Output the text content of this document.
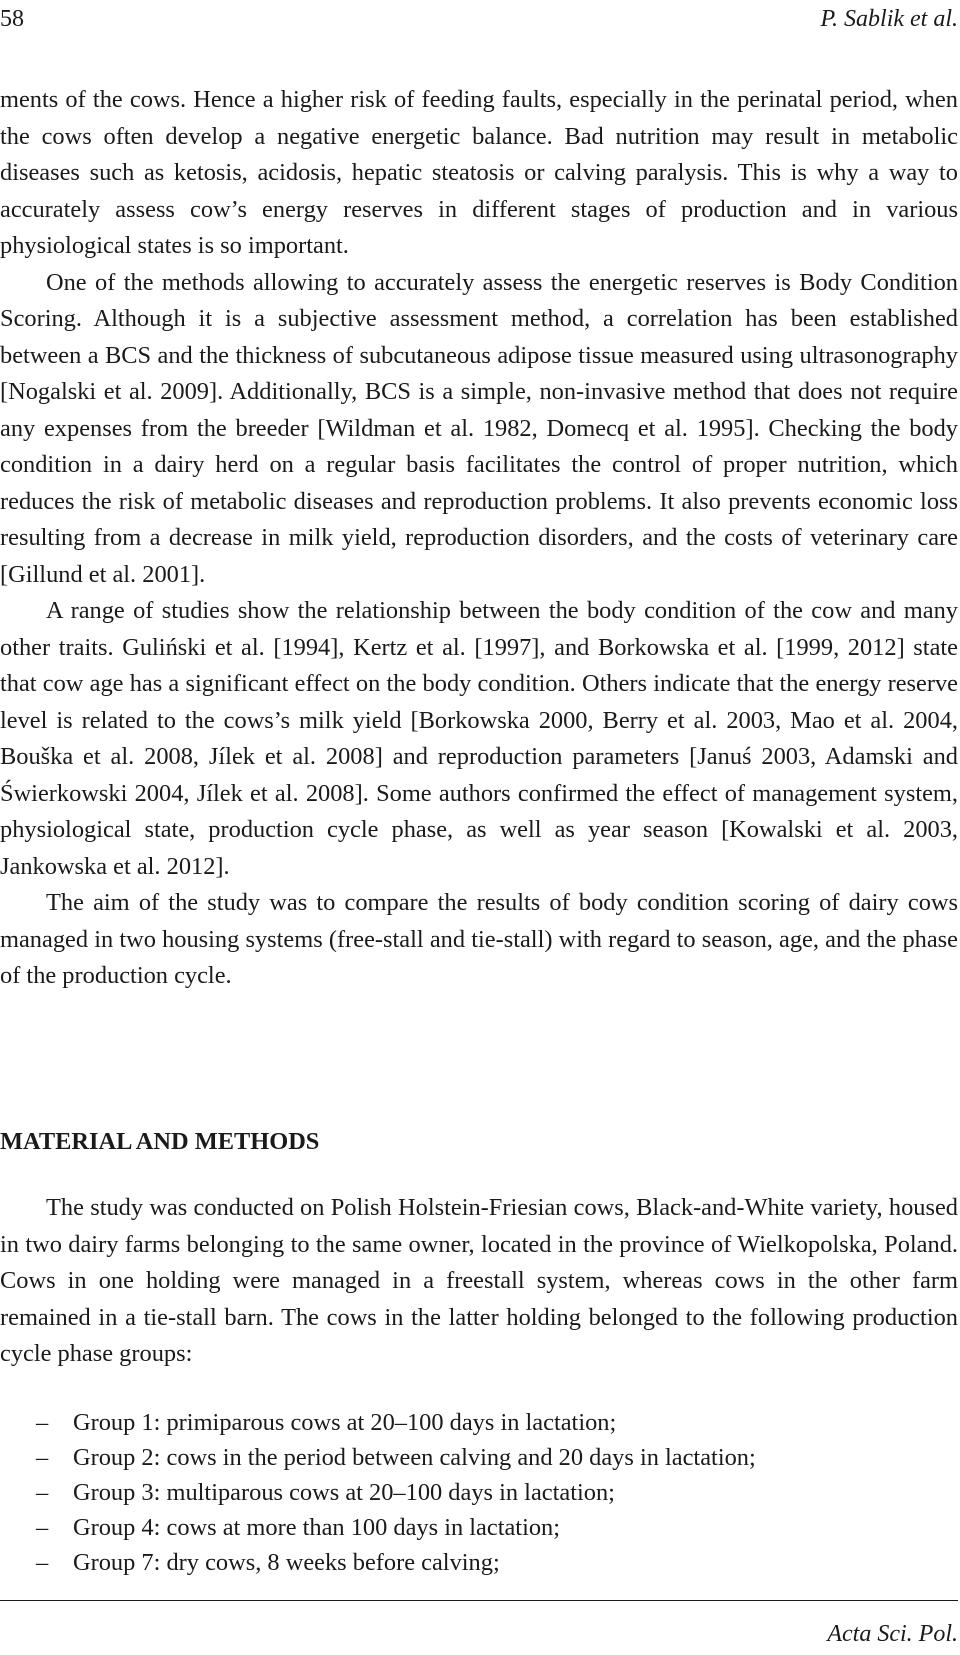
58	P. Sablik et al.

ments of the cows. Hence a higher risk of feeding faults, especially in the perinatal period, when the cows often develop a negative energetic balance. Bad nutrition may result in metabolic diseases such as ketosis, acidosis, hepatic steatosis or calving paralysis. This is why a way to accurately assess cow’s energy reserves in different stages of production and in various physiological states is so important.

One of the methods allowing to accurately assess the energetic reserves is Body Condition Scoring. Although it is a subjective assessment method, a correlation has been established between a BCS and the thickness of subcutaneous adipose tissue measured using ultrasonography [Nogalski et al. 2009]. Additionally, BCS is a simple, non-invasive method that does not require any expenses from the breeder [Wildman et al. 1982, Domecq et al. 1995]. Checking the body condition in a dairy herd on a regular basis facilitates the control of proper nutrition, which reduces the risk of metabolic diseases and reproduction problems. It also prevents economic loss resulting from a decrease in milk yield, reproduction disorders, and the costs of veterinary care [Gillund et al. 2001].

A range of studies show the relationship between the body condition of the cow and many other traits. Guliński et al. [1994], Kertz et al. [1997], and Borkowska et al. [1999, 2012] state that cow age has a significant effect on the body condition. Others indicate that the energy reserve level is related to the cows’s milk yield [Borkowska 2000, Berry et al. 2003, Mao et al. 2004, Bouška et al. 2008, Jílek et al. 2008] and reproduction parameters [Januś 2003, Adamski and Świerkowski 2004, Jílek et al. 2008]. Some authors confirmed the effect of management system, physiological state, production cycle phase, as well as year season [Kowalski et al. 2003, Jankowska et al. 2012].

The aim of the study was to compare the results of body condition scoring of dairy cows managed in two housing systems (free-stall and tie-stall) with regard to season, age, and the phase of the production cycle.

MATERIAL AND METHODS

The study was conducted on Polish Holstein-Friesian cows, Black-and-White variety, housed in two dairy farms belonging to the same owner, located in the province of Wielkopolska, Poland. Cows in one holding were managed in a freestall system, whereas cows in the other farm remained in a tie-stall barn. The cows in the latter holding belonged to the following production cycle phase groups:

– Group 1: primiparous cows at 20–100 days in lactation;
– Group 2: cows in the period between calving and 20 days in lactation;
– Group 3: multiparous cows at 20–100 days in lactation;
– Group 4: cows at more than 100 days in lactation;
– Group 7: dry cows, 8 weeks before calving;
Acta Sci. Pol.
